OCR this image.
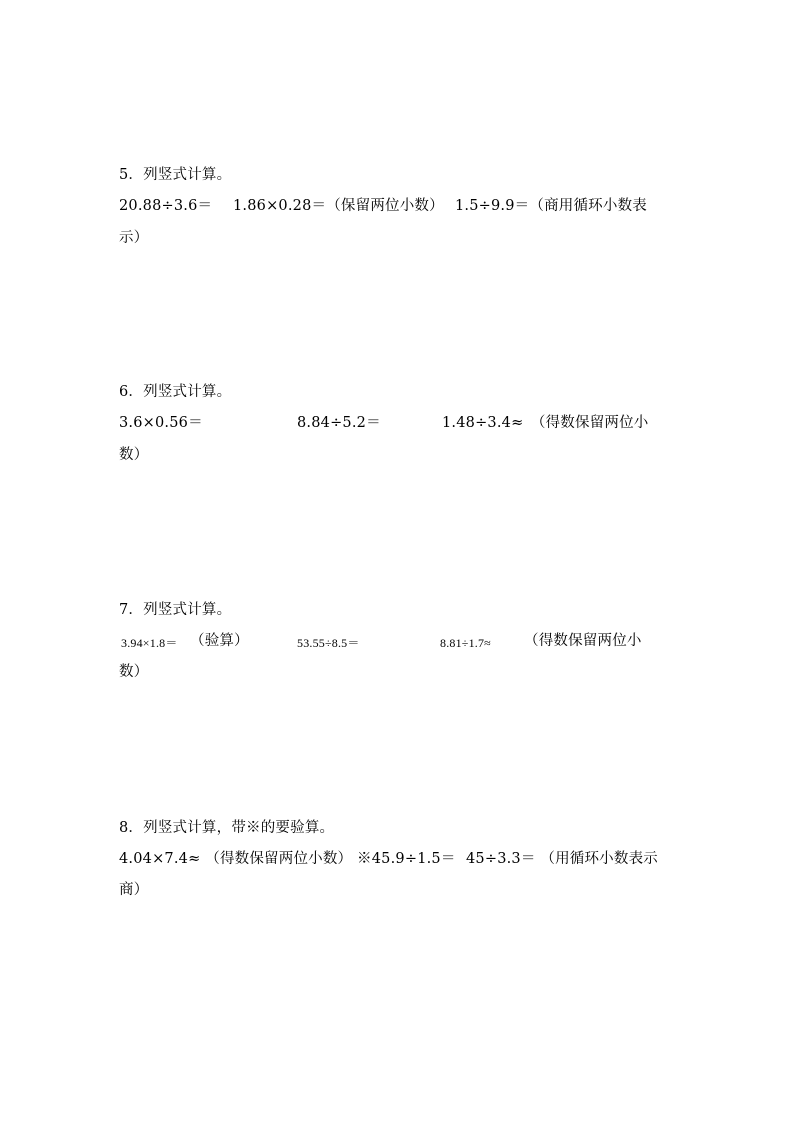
5．列竖式计算。

20.88÷3.6＝ 1.86×0.28＝（保留两位小数） 1.5÷9.9＝（商用循环小数表

示）

6．列竖式计算。

3.6×0.56＝	8.84÷5.2＝	1.48÷3.4≈　（得数保留两位小

数）

7．列竖式计算。

3.94×1.8＝ （验算）	53.55÷8.5＝	8.81÷1.7≈ （得数保留两位小

数）

8．列竖式计算，带※的要验算。

4.04×7.4≈ （得数保留两位小数） ※45.9÷1.5＝ 45÷3.3＝ （用循环小数表示

商）
